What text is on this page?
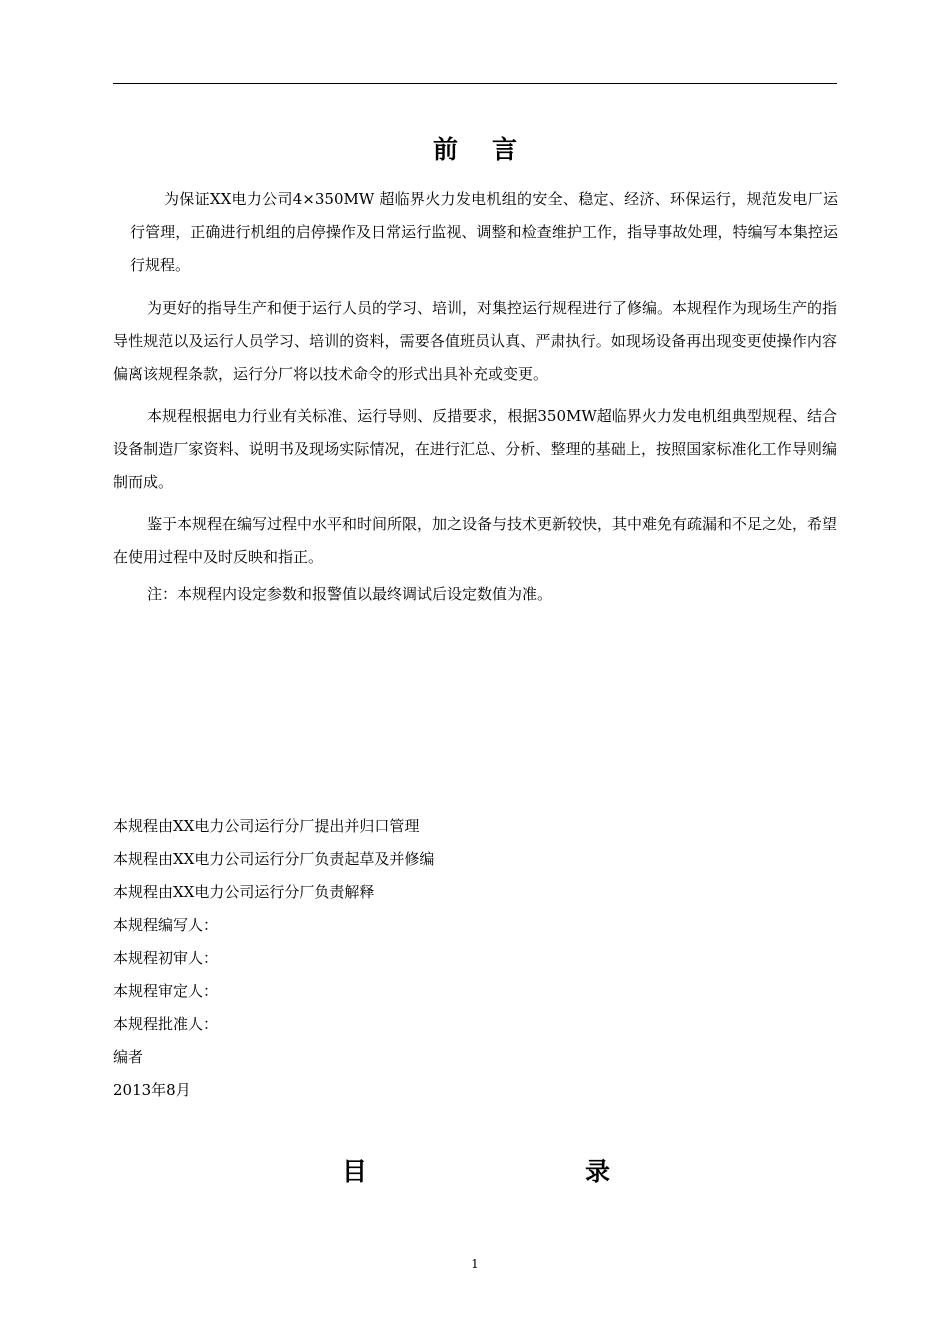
前言

为保证XX电力公司4×350MW 超临界火力发电机组的安全、稳定、经济、环保运行，规范发电厂运行管理，正确进行机组的启停操作及日常运行监视、调整和检查维护工作，指导事故处理，特编写本集控运行规程。

为更好的指导生产和便于运行人员的学习、培训，对集控运行规程进行了修编。本规程作为现场生产的指导性规范以及运行人员学习、培训的资料，需要各值班员认真、严肃执行。如现场设备再出现变更使操作内容偏离该规程条款，运行分厂将以技术命令的形式出具补充或变更。

本规程根据电力行业有关标准、运行导则、反措要求，根据350MW超临界火力发电机组典型规程、结合设备制造厂家资料、说明书及现场实际情况，在进行汇总、分析、整理的基础上，按照国家标准化工作导则编制而成。

鉴于本规程在编写过程中水平和时间所限，加之设备与技术更新较快，其中难免有疏漏和不足之处，希望在使用过程中及时反映和指正。

注：本规程内设定参数和报警值以最终调试后设定数值为准。

本规程由XX电力公司运行分厂提出并归口管理
本规程由XX电力公司运行分厂负责起草及并修编
本规程由XX电力公司运行分厂负责解释
本规程编写人：
本规程初审人：
本规程审定人：
本规程批准人：
编者
2013年8月
目	录
1
